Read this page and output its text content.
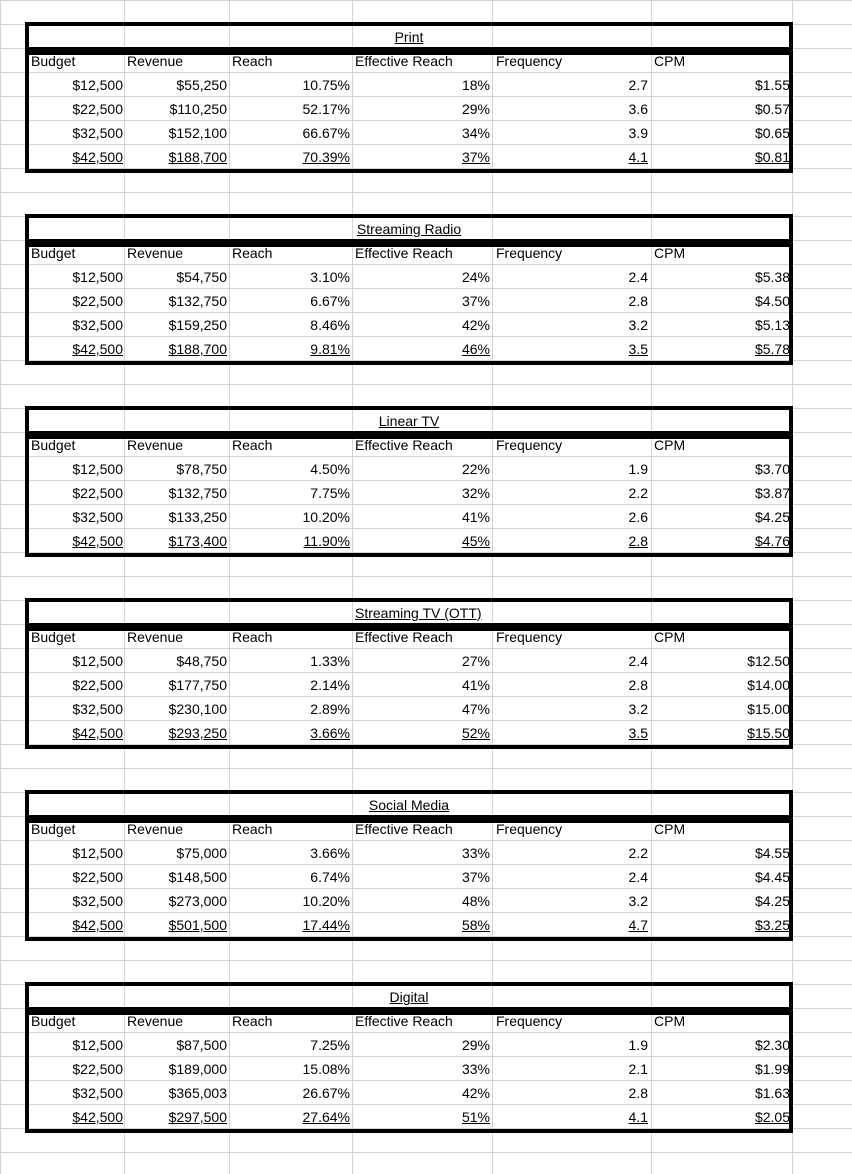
Print
Budget	Revenue	Reach	Effective Reach	Frequency	CPM
$12,500	$55,250	10.75%	18%	2.7	$1.55
$22,500	$110,250	52.17%	29%	3.6	$0.57
$32,500	$152,100	66.67%	34%	3.9	$0.65
$42,500	$188,700	70.39%	37%	4.1	$0.81
Streaming Radio
Budget	Revenue	Reach	Effective Reach	Frequency	CPM
$12,500	$54,750	3.10%	24%	2.4	$5.38
$22,500	$132,750	6.67%	37%	2.8	$4.50
$32,500	$159,250	8.46%	42%	3.2	$5.13
$42,500	$188,700	9.81%	46%	3.5	$5.78
Linear TV
Budget	Revenue	Reach	Effective Reach	Frequency	CPM
$12,500	$78,750	4.50%	22%	1.9	$3.70
$22,500	$132,750	7.75%	32%	2.2	$3.87
$32,500	$133,250	10.20%	41%	2.6	$4.25
$42,500	$173,400	11.90%	45%	2.8	$4.76
Streaming TV (OTT)
Budget	Revenue	Reach	Effective Reach	Frequency	CPM
$12,500	$48,750	1.33%	27%	2.4	$12.50
$22,500	$177,750	2.14%	41%	2.8	$14.00
$32,500	$230,100	2.89%	47%	3.2	$15.00
$42,500	$293,250	3.66%	52%	3.5	$15.50
Social Media
Budget	Revenue	Reach	Effective Reach	Frequency	CPM
$12,500	$75,000	3.66%	33%	2.2	$4.55
$22,500	$148,500	6.74%	37%	2.4	$4.45
$32,500	$273,000	10.20%	48%	3.2	$4.25
$42,500	$501,500	17.44%	58%	4.7	$3.25
Digital
Budget	Revenue	Reach	Effective Reach	Frequency	CPM
$12,500	$87,500	7.25%	29%	1.9	$2.30
$22,500	$189,000	15.08%	33%	2.1	$1.99
$32,500	$365,003	26.67%	42%	2.8	$1.63
$42,500	$297,500	27.64%	51%	4.1	$2.05
